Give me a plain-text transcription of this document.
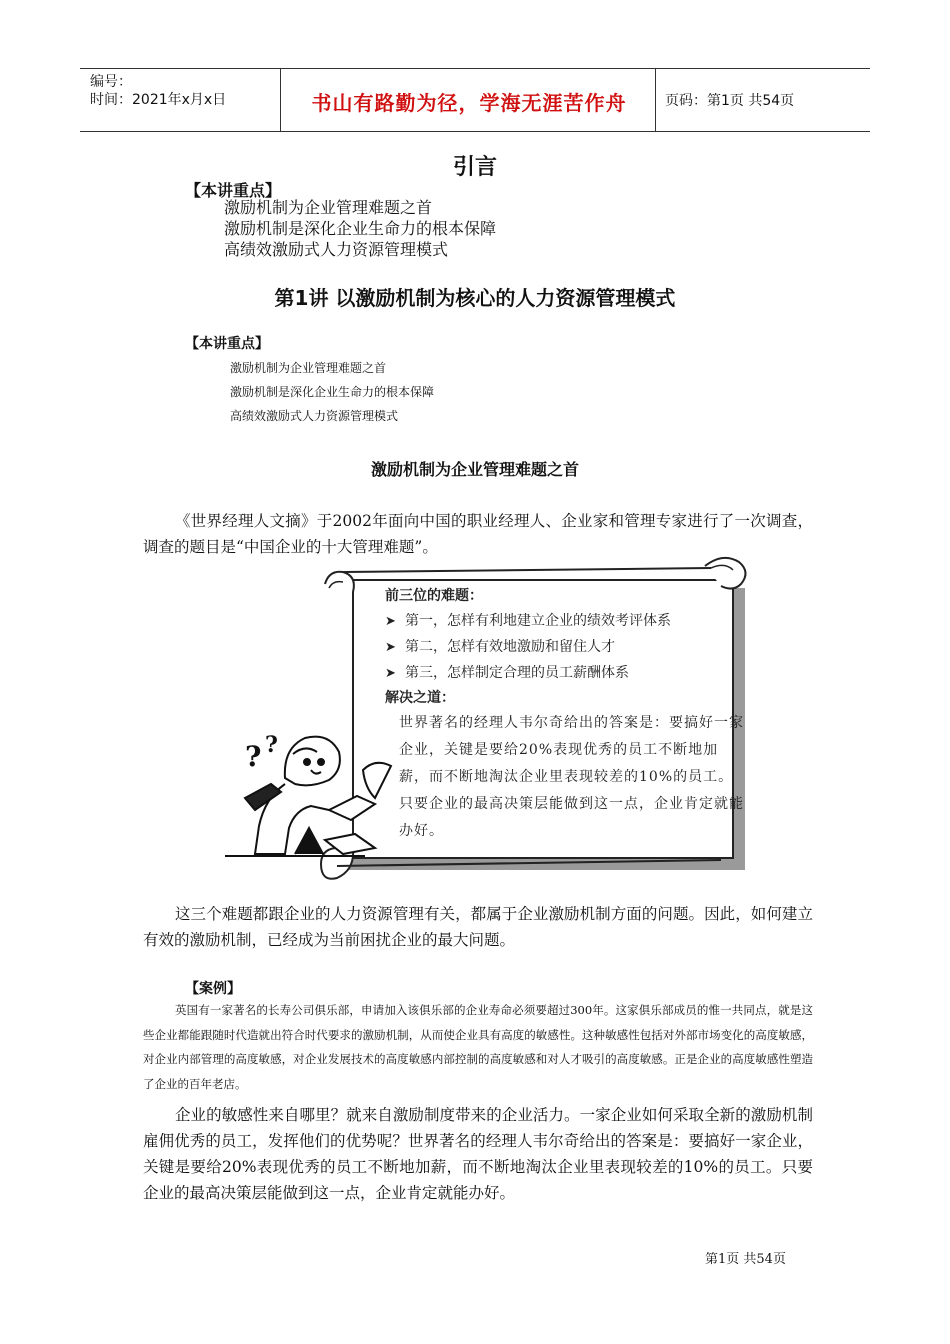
编号：
时间：2021年x月x日	书山有路勤为径，学海无涯苦作舟	页码：第1页 共54页
引言
【本讲重点】
激励机制为企业管理难题之首
激励机制是深化企业生命力的根本保障
高绩效激励式人力资源管理模式
第1讲 以激励机制为核心的人力资源管理模式
【本讲重点】
激励机制为企业管理难题之首
激励机制是深化企业生命力的根本保障
高绩效激励式人力资源管理模式
激励机制为企业管理难题之首
《世界经理人文摘》于2002年面向中国的职业经理人、企业家和管理专家进行了一次调查，调查的题目是“中国企业的十大管理难题”。
? ?
前三位的难题：
➤ 第一，怎样有利地建立企业的绩效考评体系
➤ 第二，怎样有效地激励和留住人才
➤ 第三，怎样制定合理的员工薪酬体系
解决之道：
世界著名的经理人韦尔奇给出的答案是：要搞好一家企业，关键是要给20%表现优秀的员工不断地加薪，而不断地淘汰企业里表现较差的10%的员工。只要企业的最高决策层能做到这一点，企业肯定就能办好。
这三个难题都跟企业的人力资源管理有关，都属于企业激励机制方面的问题。因此，如何建立有效的激励机制，已经成为当前困扰企业的最大问题。
【案例】
英国有一家著名的长寿公司俱乐部，申请加入该俱乐部的企业寿命必须要超过300年。这家俱乐部成员的惟一共同点，就是这些企业都能跟随时代造就出符合时代要求的激励机制，从而使企业具有高度的敏感性。这种敏感性包括对外部市场变化的高度敏感，对企业内部管理的高度敏感，对企业发展技术的高度敏感内部控制的高度敏感和对人才吸引的高度敏感。正是企业的高度敏感性塑造了企业的百年老店。
企业的敏感性来自哪里？就来自激励制度带来的企业活力。一家企业如何采取全新的激励机制雇佣优秀的员工，发挥他们的优势呢？世界著名的经理人韦尔奇给出的答案是：要搞好一家企业，关键是要给20%表现优秀的员工不断地加薪，而不断地淘汰企业里表现较差的10%的员工。只要企业的最高决策层能做到这一点，企业肯定就能办好。
第1页 共54页
